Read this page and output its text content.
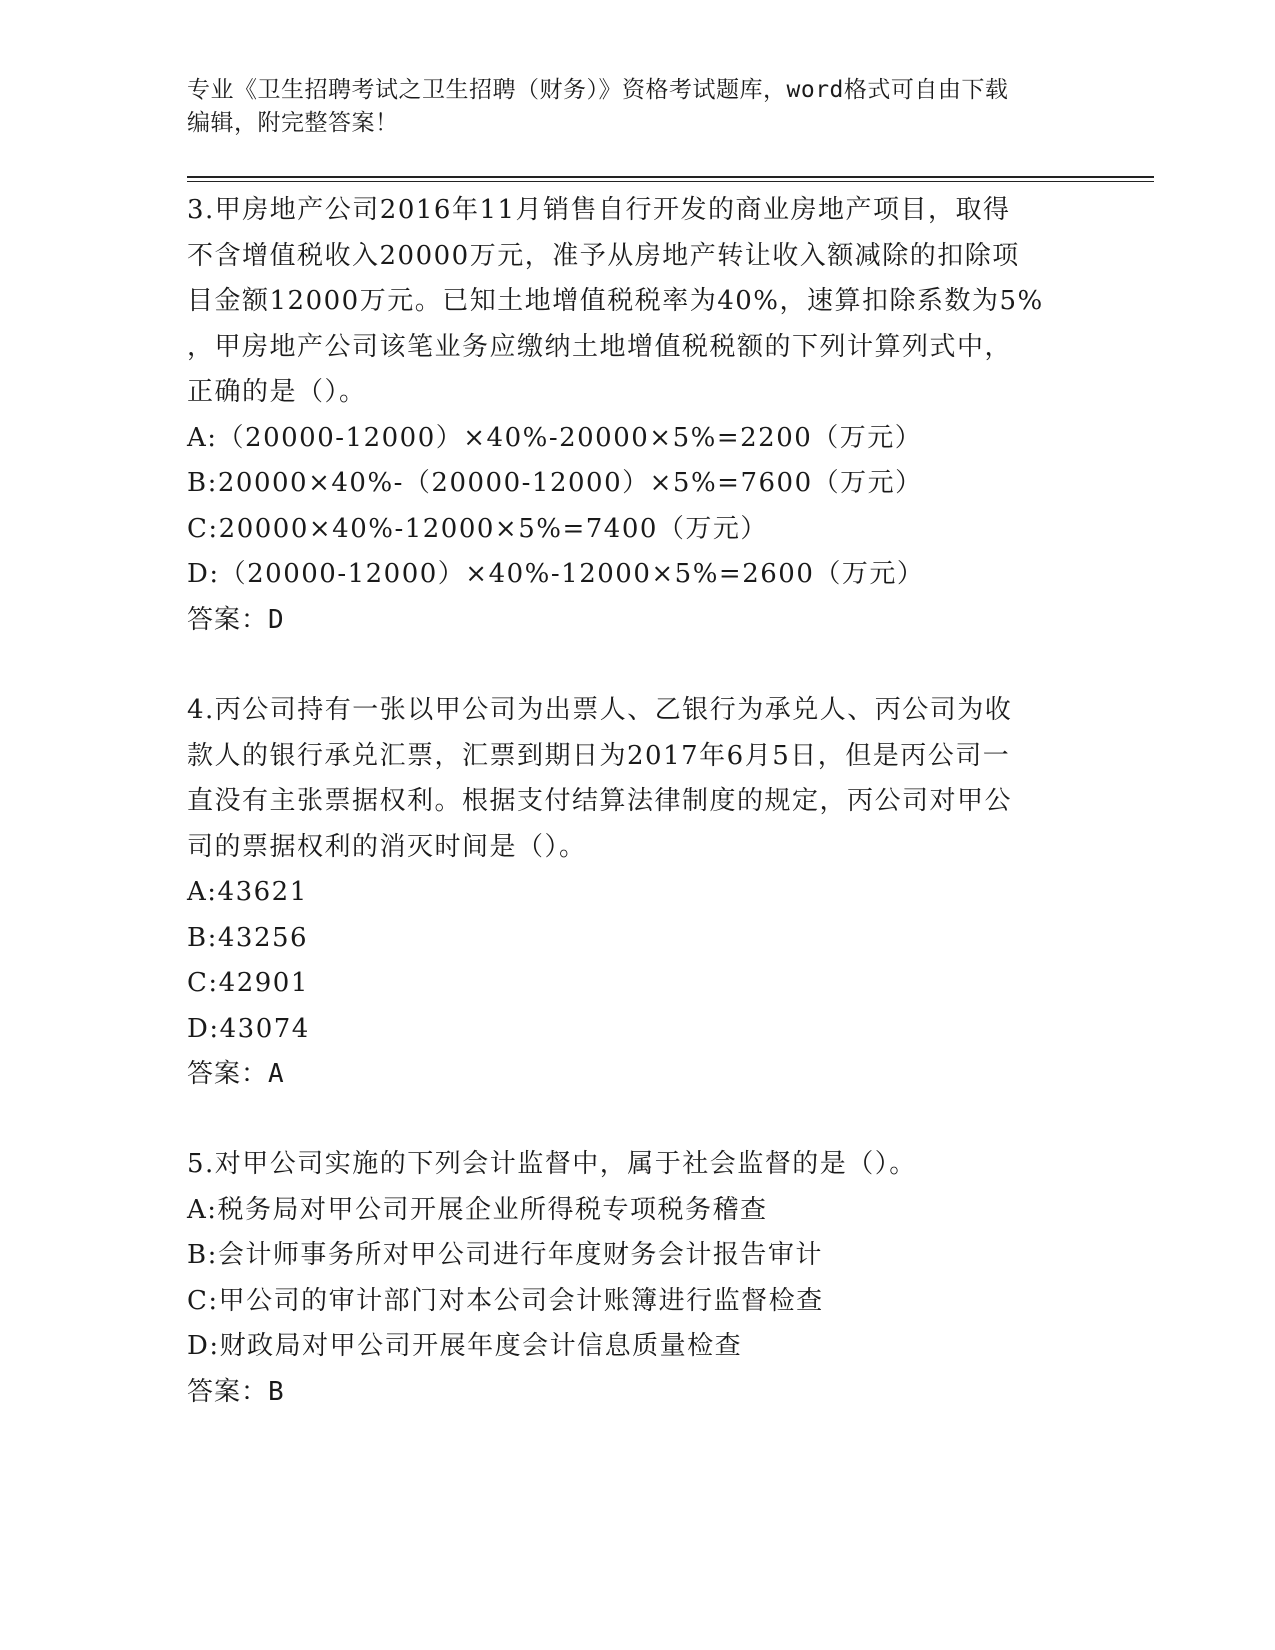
专业《卫生招聘考试之卫生招聘（财务）》资格考试题库，word格式可自由下载
编辑，附完整答案！
3.甲房地产公司2016年11月销售自行开发的商业房地产项目，取得
不含增值税收入20000万元，准予从房地产转让收入额减除的扣除项
目金额12000万元。已知土地增值税税率为40%，速算扣除系数为5%
，甲房地产公司该笔业务应缴纳土地增值税税额的下列计算列式中，
正确的是（）。
A:（20000-12000）×40%-20000×5%=2200（万元）
B:20000×40%-（20000-12000）×5%=7600（万元）
C:20000×40%-12000×5%=7400（万元）
D:（20000-12000）×40%-12000×5%=2600（万元）
答案：D
4.丙公司持有一张以甲公司为出票人、乙银行为承兑人、丙公司为收
款人的银行承兑汇票，汇票到期日为2017年6月5日，但是丙公司一
直没有主张票据权利。根据支付结算法律制度的规定，丙公司对甲公
司的票据权利的消灭时间是（）。
A:43621
B:43256
C:42901
D:43074
答案：A
5.对甲公司实施的下列会计监督中，属于社会监督的是（）。
A:税务局对甲公司开展企业所得税专项税务稽查
B:会计师事务所对甲公司进行年度财务会计报告审计
C:甲公司的审计部门对本公司会计账簿进行监督检查
D:财政局对甲公司开展年度会计信息质量检查
答案：B
